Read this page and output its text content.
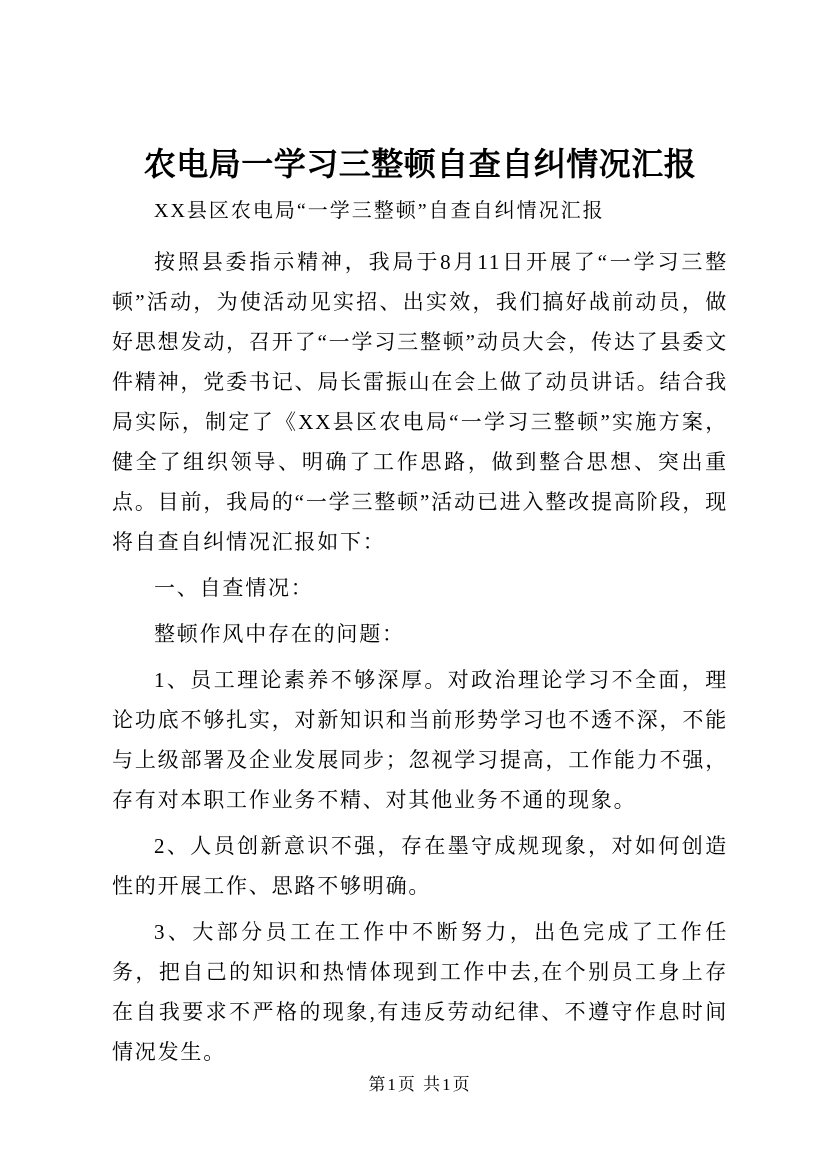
农电局一学习三整顿自查自纠情况汇报

XX县区农电局“一学三整顿”自查自纠情况汇报

按照县委指示精神，我局于8月11日开展了“一学习三整顿”活动，为使活动见实招、出实效，我们搞好战前动员，做好思想发动，召开了“一学习三整顿”动员大会，传达了县委文件精神，党委书记、局长雷振山在会上做了动员讲话。结合我局实际，制定了《XX县区农电局“一学习三整顿”实施方案，健全了组织领导、明确了工作思路，做到整合思想、突出重点。目前，我局的“一学三整顿”活动已进入整改提高阶段，现将自查自纠情况汇报如下：

一、自查情况：

整顿作风中存在的问题：

1、员工理论素养不够深厚。对政治理论学习不全面，理论功底不够扎实，对新知识和当前形势学习也不透不深，不能与上级部署及企业发展同步；忽视学习提高，工作能力不强，存有对本职工作业务不精、对其他业务不通的现象。

2、人员创新意识不强，存在墨守成规现象，对如何创造性的开展工作、思路不够明确。

3、大部分员工在工作中不断努力，出色完成了工作任务，把自己的知识和热情体现到工作中去,在个别员工身上存在自我要求不严格的现象,有违反劳动纪律、不遵守作息时间情况发生。

第1页 共1页
